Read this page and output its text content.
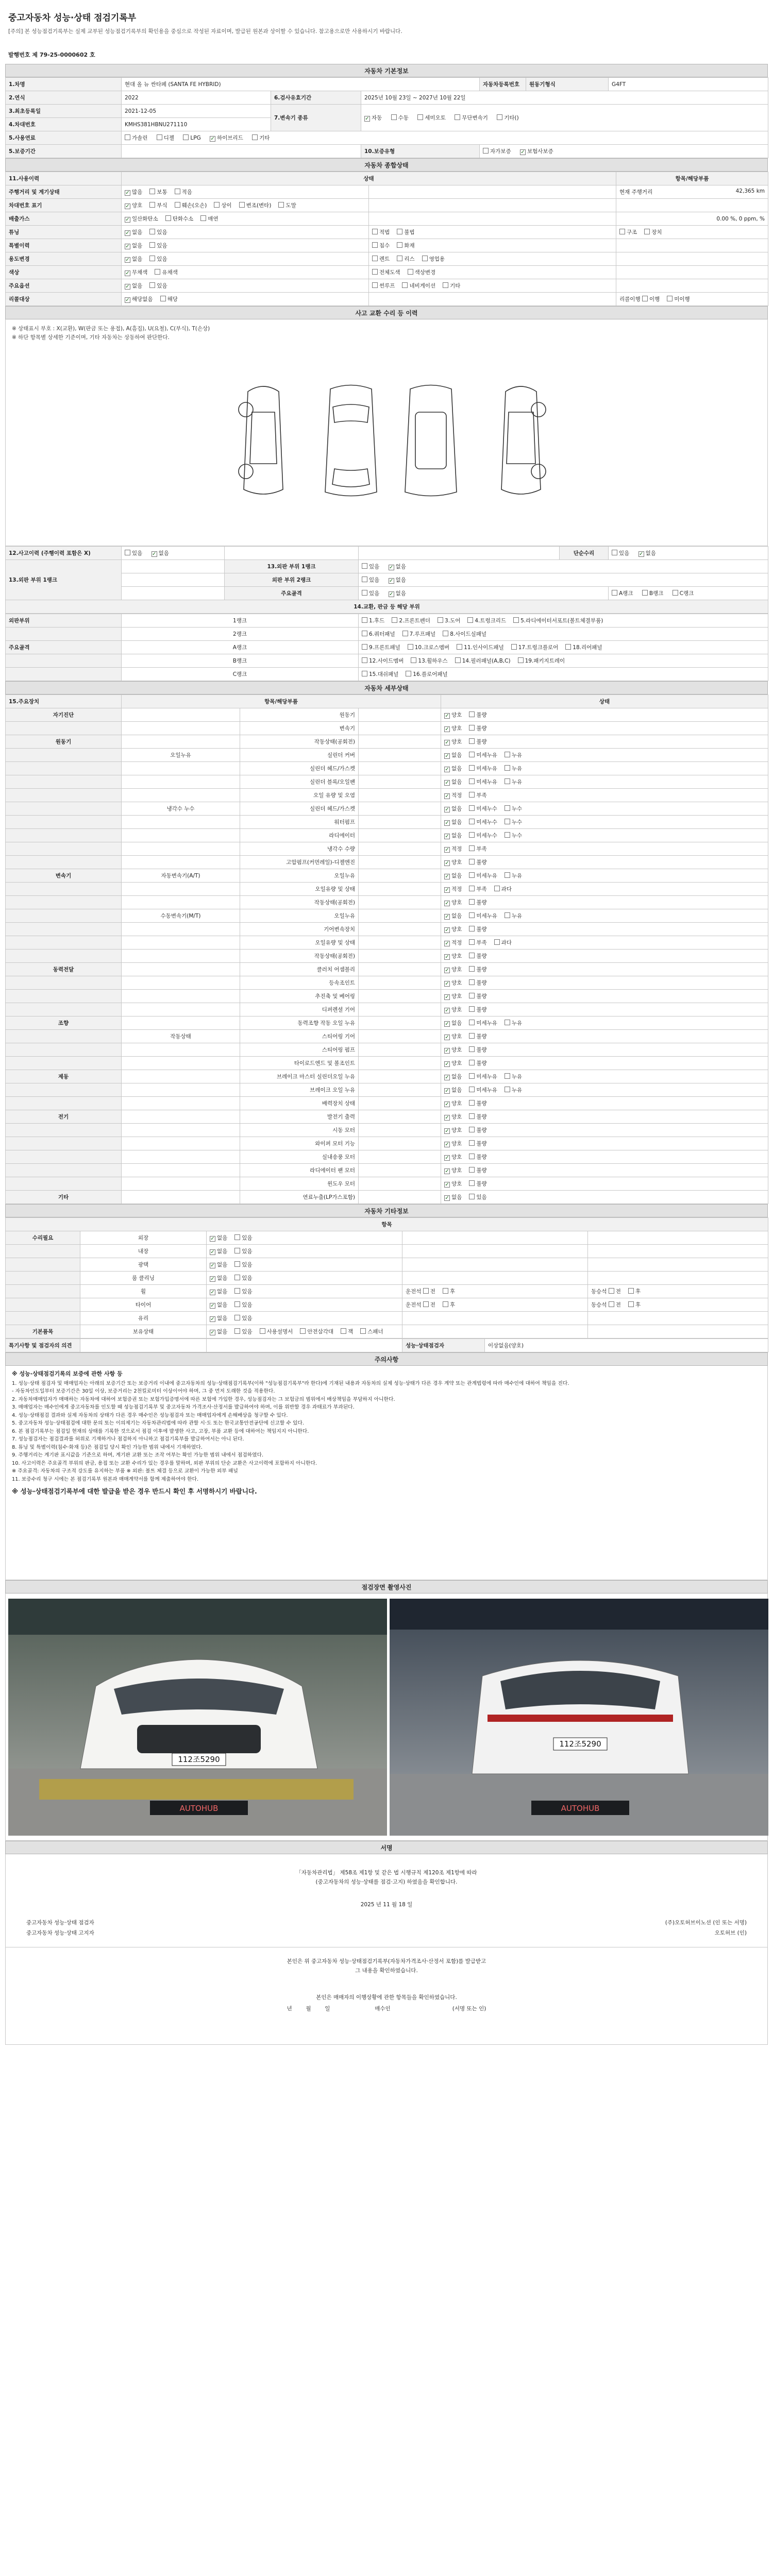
중고자동차 성능·상태 점검기록부
[주의] 본 성능점검기록부는 실제 교부된 성능점검기록부의 확인용을 중심으로 작성된 자료이며, 발급된 원본과 상이할 수 있습니다. 참고용으로만 사용하시기 바랍니다.
발행번호 제 79-25-0000602 호
자동차 기본정보
1.차명	현대 올 뉴 싼타페 (SANTA FE HYBRID)			자동차등록번호	원동기형식	G4FT
2.연식	2022	6.검사유효기간	2025년 10월 23일 ~ 2027년 10월 22일			
3.최초등록일	2021-12-05	7.변속기 종류	✓자동 수동 세미오토 무단변속기 기타()
4.차대번호	KMHS381HBNU271110					
5.사용연료	가솔린 디젤 LPG ✓ 하이브리드 기타
5.보증기간			10.보증유형	자가보증 ✓ 보험사보증
자동차 종합상태
11.사용이력	상태		항목/해당부품
주행거리 및 계기상태	✓많음 보통 적음		현재 주행거리 42,365 km

차대번호 표기	✓양호 부식 훼손(오손) 상이 변조(변타) 도말		
배출가스	✓일산화탄소 탄화수소 매연		0.00 %, 0 ppm, %

튜닝	✓없음 있음	적법 불법	구조 장치
특별이력	✓없음 있음	침수 화재	
용도변경	✓없음 있음	렌트 리스 영업용	
색상	✓무채색 유채색	전체도색 색상변경	
주요옵션	✓없음 있음	썬루프 네비게이션 기타	
리콜대상	✓해당없음 해당		리콜이행 이행 미이행
사고 교환 수리 등 이력
※ 상태표시 부호 : X(교환), W(판금 또는 용접), A(흠집), U(요철), C(부식), T(손상)
※ 하단 항목별 상세한 기준이며, 기타 자동차는 상동하여 판단한다.
12.사고이력 (주행이력 포함은 X)	있음 ✓ 없음			단순수리	있음 ✓ 없음
13.외판 부위 1랭크		13.외판 부위 1랭크	있음 ✓ 없음
		외판 부위 2랭크	있음 ✓ 없음
		주요골격	있음 ✓ 없음		A랭크 B랭크 C랭크
14.교환, 판금 등 해당 부위					
외판부위	1랭크	1.후드 2.프론트펜더 3.도어 4.트렁크리드 5.라디에이터서포트(볼트체결부품)
	2랭크	6.쿼터패널 7.루프패널 8.사이드실패널
주요골격	A랭크	9.프론트패널 10.크로스멤버 11.인사이드패널 17.트렁크플로어 18.리어패널
	B랭크	12.사이드멤버 13.휠하우스 14.필러패널(A,B,C) 19.패키지트레이
	C랭크	15.대쉬패널 16.플로어패널
자동차 세부상태
15.주요장치	항목/해당부품			상태
자기진단		원동기		✓양호 불량
		변속기		✓양호 불량
원동기		작동상태(공회전)		✓양호 불량
	오일누유	실린더 커버		✓없음 미세누유 누유
		실린더 헤드/가스켓		✓없음 미세누유 누유
		실린더 블록/오일팬		✓없음 미세누유 누유
		오일 유량 및 오염		✓적정 부족
	냉각수 누수	실린더 헤드/가스켓		✓없음 미세누수 누수
		워터펌프		✓없음 미세누수 누수
		라디에이터		✓없음 미세누수 누수
		냉각수 수량		✓적정 부족
		고압펌프(커먼레일)-디젤엔진		✓양호 불량
변속기	자동변속기(A/T)	오일누유		✓없음 미세누유 누유
		오일유량 및 상태		✓적정 부족 과다
		작동상태(공회전)		✓양호 불량
	수동변속기(M/T)	오일누유		✓없음 미세누유 누유
		기어변속장치		✓양호 불량
		오일유량 및 상태		✓적정 부족 과다
		작동상태(공회전)		✓양호 불량
동력전달		클러치 어셈블리		✓양호 불량
		등속조인트		✓양호 불량
		추진축 및 베어링		✓양호 불량
		디퍼렌셜 기어		✓양호 불량
조향		동력조향 작동 오일 누유		✓없음 미세누유 누유
	작동상태	스티어링 기어		✓양호 불량
		스티어링 펌프		✓양호 불량
		타이로드엔드 및 볼조인트		✓양호 불량
제동		브레이크 마스터 실린더오일 누유		✓없음 미세누유 누유
		브레이크 오일 누유		✓없음 미세누유 누유
		배력장치 상태		✓양호 불량
전기		발전기 출력		✓양호 불량
		시동 모터		✓양호 불량
		와이퍼 모터 기능		✓양호 불량
		실내송풍 모터		✓양호 불량
		라디에이터 팬 모터		✓양호 불량
		윈도우 모터		✓양호 불량
기타		연료누출(LP가스포함)		✓없음 있음
자동차 기타정보
항목				
수리필요	외장	✓없음 있음		
	내장	✓없음 있음		
	광택	✓없음 있음		
	룸 클리닝	✓없음 있음		
	휠	✓없음 있음	운전석 전 후	동승석 전 후
	타이어	✓없음 있음	운전석 전 후	동승석 전 후
	유리	✓없음 있음		
기본품목	보유상태	✓없음 있음 사용설명서 안전삼각대 잭 스패너		
특기사항 및 점검자의 의견			성능·상태점검자	이상없음(양호)
주의사항
※ 성능·상태점검기록의 보증에 관한 사항 등
1. 성능·상태 점검자 및 매매업자는 아래의 보증기간 또는 보증거리 이내에 중고자동차의 성능·상태점검기록부(이하 "성능점검기록부"라 한다)에 기재된 내용과 자동차의 실제 성능·상태가 다른 경우 계약 또는 관계법령에 따라 매수인에 대하여 책임을 진다.
- 자동차인도일부터 보증기간은 30일 이상, 보증거리는 2천킬로미터 이상이어야 하며, 그 중 먼저 도래한 것을 적용한다.
2. 자동차매매업자가 매매하는 자동차에 대하여 보험증권 또는 보험가입증명서에 따른 보험에 가입한 경우, 성능점검자는 그 보험금의 범위에서 배상책임을 부담하지 아니한다.
3. 매매업자는 매수인에게 중고자동차를 인도할 때 성능점검기록부 및 중고자동차 가격조사·산정서를 발급하여야 하며, 이를 위반할 경우 과태료가 부과된다.
4. 성능·상태점검 결과와 실제 자동차의 상태가 다른 경우 매수인은 성능점검자 또는 매매업자에게 손해배상을 청구할 수 있다.
5. 중고자동차 성능·상태점검에 대한 문의 또는 이의제기는 자동차관리법에 따라 관할 시·도 또는 한국교통안전공단에 신고할 수 있다.
6. 본 점검기록부는 점검일 현재의 상태를 기록한 것으로서 점검 이후에 발생한 사고, 고장, 부품 교환 등에 대하여는 책임지지 아니한다.
7. 성능점검자는 점검결과를 허위로 기재하거나 점검하지 아니하고 점검기록부를 발급하여서는 아니 된다.
8. 튜닝 및 특별이력(침수·화재 등)은 점검일 당시 확인 가능한 범위 내에서 기재하였다.
9. 주행거리는 계기판 표시값을 기준으로 하며, 계기판 교환 또는 조작 여부는 확인 가능한 범위 내에서 점검하였다.
10. 사고이력은 주요골격 부위의 판금, 용접 또는 교환 수리가 있는 경우를 말하며, 외판 부위의 단순 교환은 사고이력에 포함하지 아니한다.
※ 주요골격: 자동차의 구조적 강도를 유지하는 부품 ※ 외판: 볼트 체결 등으로 교환이 가능한 외부 패널
11. 보증수리 청구 시에는 본 점검기록부 원본과 매매계약서를 함께 제출하여야 한다.
※ 성능·상태점검기록부에 대한 발급을 받은 경우 반드시 확인 후 서명하시기 바랍니다.
점검장면 촬영사진
112조5290
AUTOHUB
112조5290
AUTOHUB
서명
「자동차관리법」 제58조 제1항 및 같은 법 시행규칙 제120조 제1항에 따라
(중고자동차의 성능·상태를 점검·고지) 하였음을 확인합니다.
2025 년 11 월 18 일
중고자동차 성능·상태 점검자
중고자동차 성능·상태 고지자
(주)오토허브이노션 (인 또는 서명)
오토허브 (인)
본인은 위 중고자동차 성능·상태점검기록부(자동차가격조사·산정서 포함)를 발급받고
그 내용을 확인하였습니다.
본인은 매매자의 이행상황에 관한 항목들을 확인하였습니다.
년        월        일                          매수인                                    (서명 또는 인)
